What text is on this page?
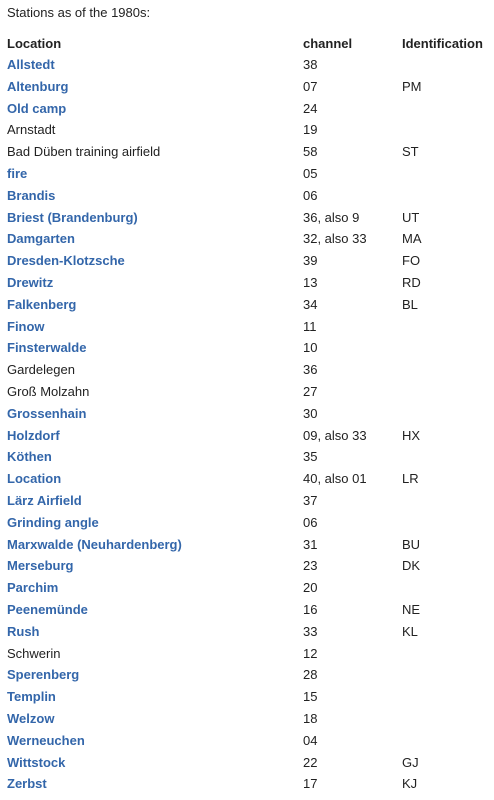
Stations as of the 1980s:
Location	channel	Identification
Allstedt	38	
Altenburg	07	PM
Old camp	24	
Arnstadt	19	
Bad Düben training airfield	58	ST
fire	05	
Brandis	06	
Briest (Brandenburg)	36, also 9	UT
Damgarten	32, also 33	MA
Dresden-Klotzsche	39	FO
Drewitz	13	RD
Falkenberg	34	BL
Finow	11	
Finsterwalde	10	
Gardelegen	36	
Groß Molzahn	27	
Grossenhain	30	
Holzdorf	09, also 33	HX
Köthen	35	
Location	40, also 01	LR
Lärz Airfield	37	
Grinding angle	06	
Marxwalde (Neuhardenberg)	31	BU
Merseburg	23	DK
Parchim	20	
Peenemünde	16	NE
Rush	33	KL
Schwerin	12	
Sperenberg	28	
Templin	15	
Welzow	18	
Werneuchen	04	
Wittstock	22	GJ
Zerbst	17	KJ
